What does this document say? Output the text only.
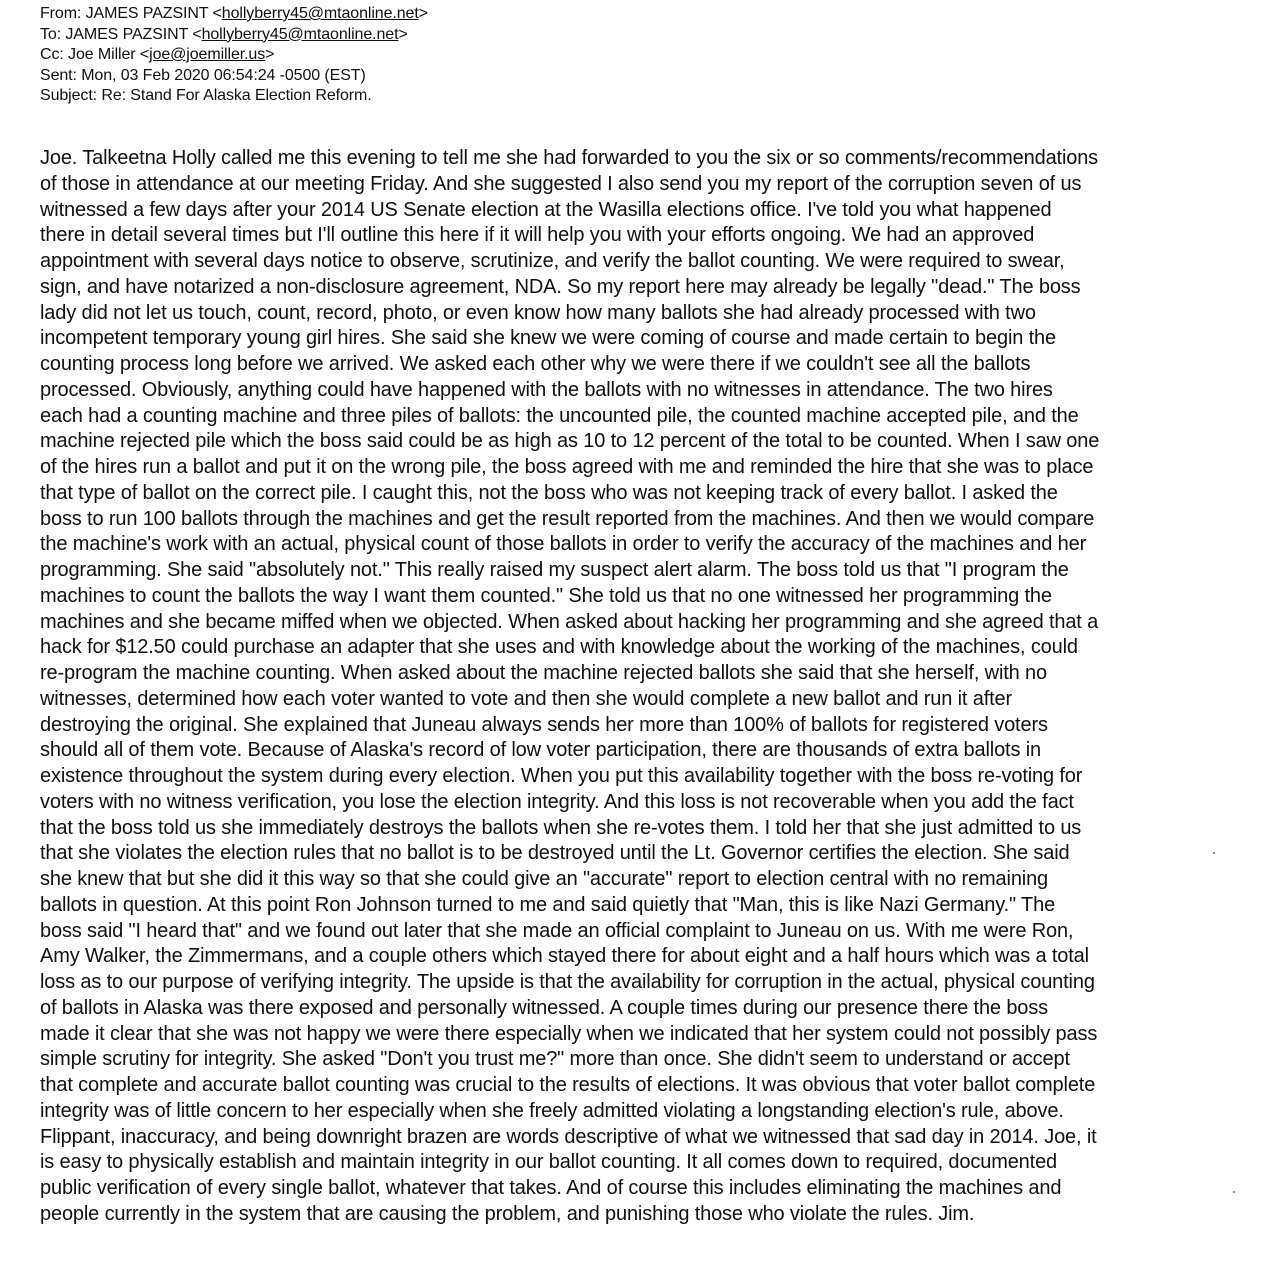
From: JAMES PAZSINT <hollyberry45@mtaonline.net>
To: JAMES PAZSINT <hollyberry45@mtaonline.net>
Cc: Joe Miller <joe@joemiller.us>
Sent: Mon, 03 Feb 2020 06:54:24 -0500 (EST)
Subject: Re: Stand For Alaska Election Reform.
Joe. Talkeetna Holly called me this evening to tell me she had forwarded to you the six or so comments/recommendations
of those in attendance at our meeting Friday. And she suggested I also send you my report of the corruption seven of us
witnessed a few days after your 2014 US Senate election at the Wasilla elections office. I've told you what happened
there in detail several times but I'll outline this here if it will help you with your efforts ongoing. We had an approved
appointment with several days notice to observe, scrutinize, and verify the ballot counting. We were required to swear,
sign, and have notarized a non-disclosure agreement, NDA. So my report here may already be legally "dead." The boss
lady did not let us touch, count, record, photo, or even know how many ballots she had already processed with two
incompetent temporary young girl hires. She said she knew we were coming of course and made certain to begin the
counting process long before we arrived. We asked each other why we were there if we couldn't see all the ballots
processed. Obviously, anything could have happened with the ballots with no witnesses in attendance. The two hires
each had a counting machine and three piles of ballots: the uncounted pile, the counted machine accepted pile, and the
machine rejected pile which the boss said could be as high as 10 to 12 percent of the total to be counted. When I saw one
of the hires run a ballot and put it on the wrong pile, the boss agreed with me and reminded the hire that she was to place
that type of ballot on the correct pile. I caught this, not the boss who was not keeping track of every ballot. I asked the
boss to run 100 ballots through the machines and get the result reported from the machines. And then we would compare
the machine's work with an actual, physical count of those ballots in order to verify the accuracy of the machines and her
programming. She said "absolutely not." This really raised my suspect alert alarm. The boss told us that "I program the
machines to count the ballots the way I want them counted." She told us that no one witnessed her programming the
machines and she became miffed when we objected. When asked about hacking her programming and she agreed that a
hack for $12.50 could purchase an adapter that she uses and with knowledge about the working of the machines, could
re-program the machine counting. When asked about the machine rejected ballots she said that she herself, with no
witnesses, determined how each voter wanted to vote and then she would complete a new ballot and run it after
destroying the original. She explained that Juneau always sends her more than 100% of ballots for registered voters
should all of them vote. Because of Alaska's record of low voter participation, there are thousands of extra ballots in
existence throughout the system during every election. When you put this availability together with the boss re-voting for
voters with no witness verification, you lose the election integrity. And this loss is not recoverable when you add the fact
that the boss told us she immediately destroys the ballots when she re-votes them. I told her that she just admitted to us
that she violates the election rules that no ballot is to be destroyed until the Lt. Governor certifies the election. She said
she knew that but she did it this way so that she could give an "accurate" report to election central with no remaining
ballots in question. At this point Ron Johnson turned to me and said quietly that "Man, this is like Nazi Germany." The
boss said "I heard that" and we found out later that she made an official complaint to Juneau on us. With me were Ron,
Amy Walker, the Zimmermans, and a couple others which stayed there for about eight and a half hours which was a total
loss as to our purpose of verifying integrity. The upside is that the availability for corruption in the actual, physical counting
of ballots in Alaska was there exposed and personally witnessed. A couple times during our presence there the boss
made it clear that she was not happy we were there especially when we indicated that her system could not possibly pass
simple scrutiny for integrity. She asked "Don't you trust me?" more than once. She didn't seem to understand or accept
that complete and accurate ballot counting was crucial to the results of elections. It was obvious that voter ballot complete
integrity was of little concern to her especially when she freely admitted violating a longstanding election's rule, above.
Flippant, inaccuracy, and being downright brazen are words descriptive of what we witnessed that sad day in 2014. Joe, it
is easy to physically establish and maintain integrity in our ballot counting. It all comes down to required, documented
public verification of every single ballot, whatever that takes. And of course this includes eliminating the machines and
people currently in the system that are causing the problem, and punishing those who violate the rules. Jim.
